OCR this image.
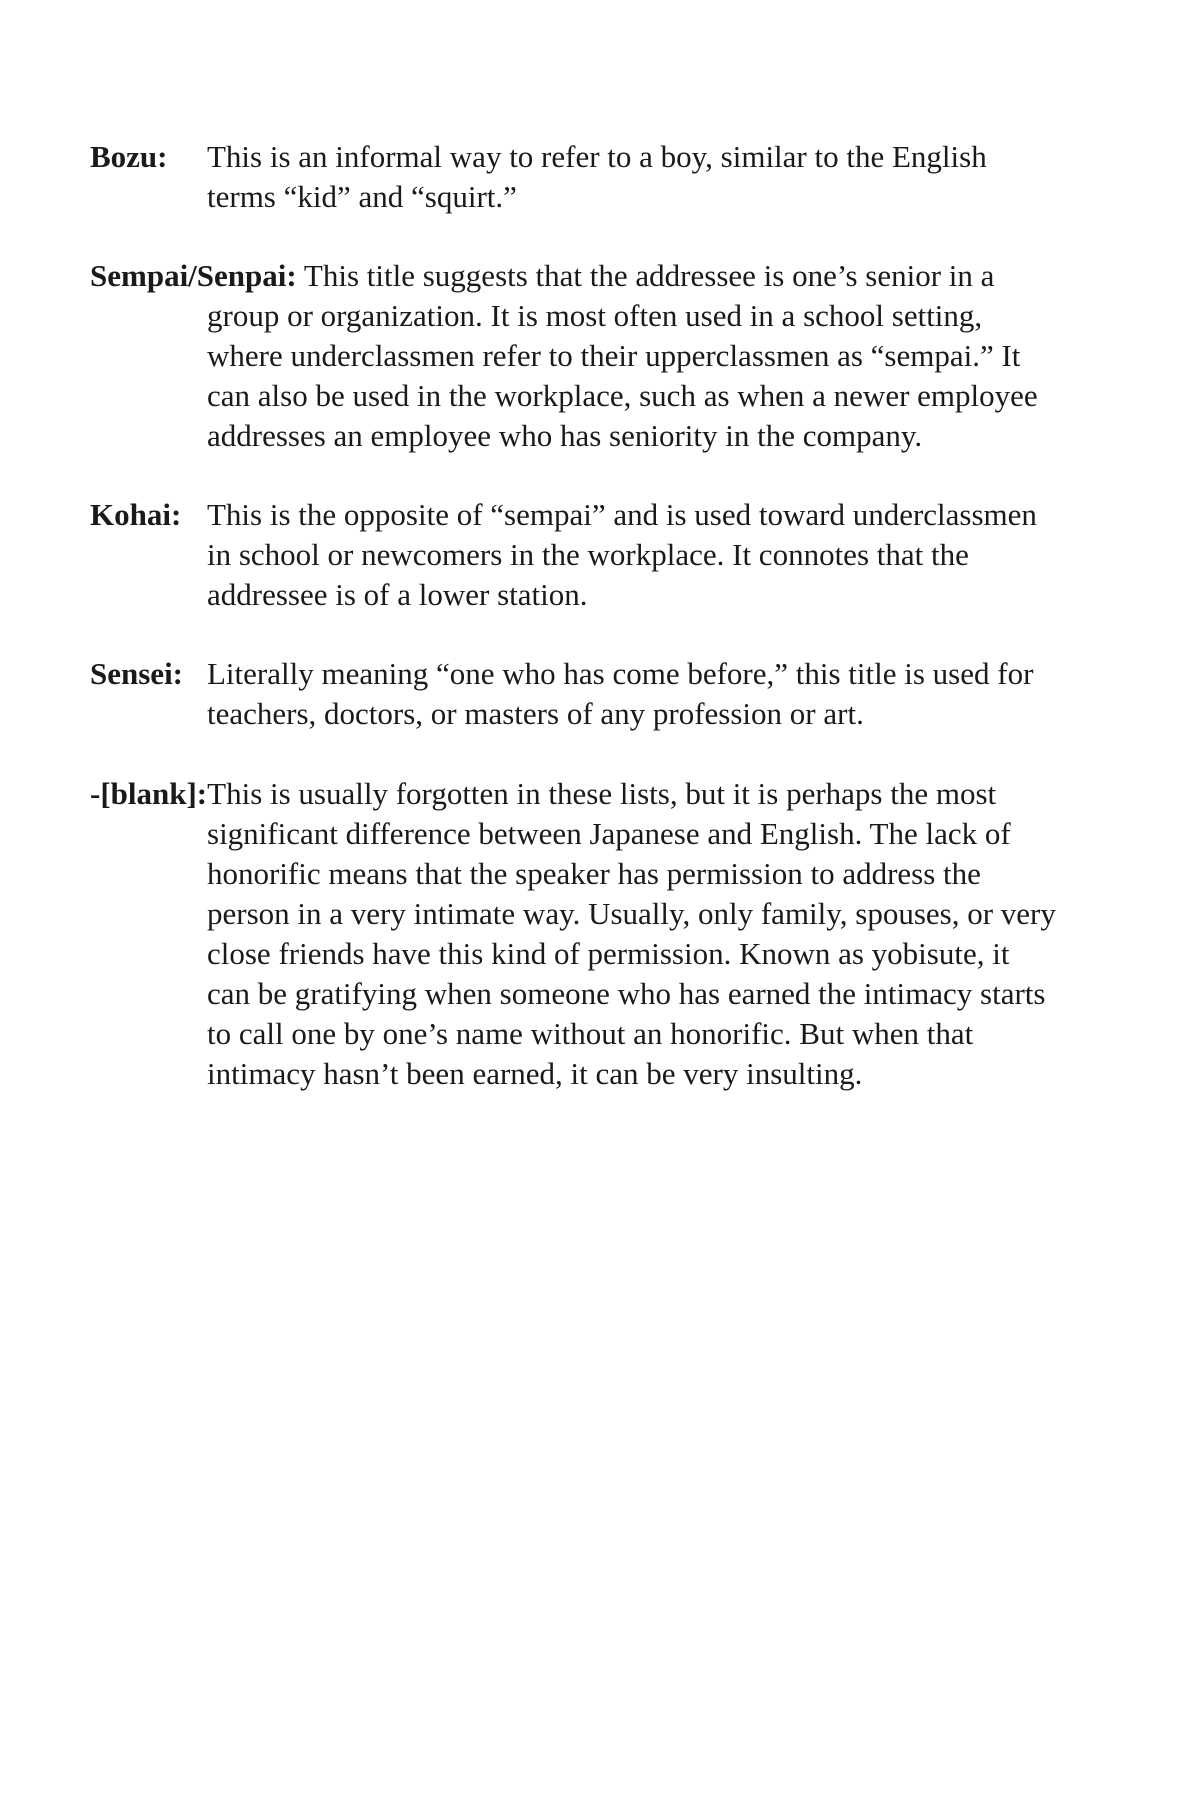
Bozu: This is an informal way to refer to a boy, similar to the English
terms “kid” and “squirt.”
Sempai/Senpai: This title suggests that the addressee is one’s senior in a
group or organization. It is most often used in a school setting,
where underclassmen refer to their upperclassmen as “sempai.” It
can also be used in the workplace, such as when a newer employee
addresses an employee who has seniority in the company.
Kohai: This is the opposite of “sempai” and is used toward underclassmen
in school or newcomers in the workplace. It connotes that the
addressee is of a lower station.
Sensei: Literally meaning “one who has come before,” this title is used for
teachers, doctors, or masters of any profession or art.
-[blank]:This is usually forgotten in these lists, but it is perhaps the most
significant difference between Japanese and English. The lack of
honorific means that the speaker has permission to address the
person in a very intimate way. Usually, only family, spouses, or very
close friends have this kind of permission. Known as yobisute, it
can be gratifying when someone who has earned the intimacy starts
to call one by one’s name without an honorific. But when that
intimacy hasn’t been earned, it can be very insulting.
